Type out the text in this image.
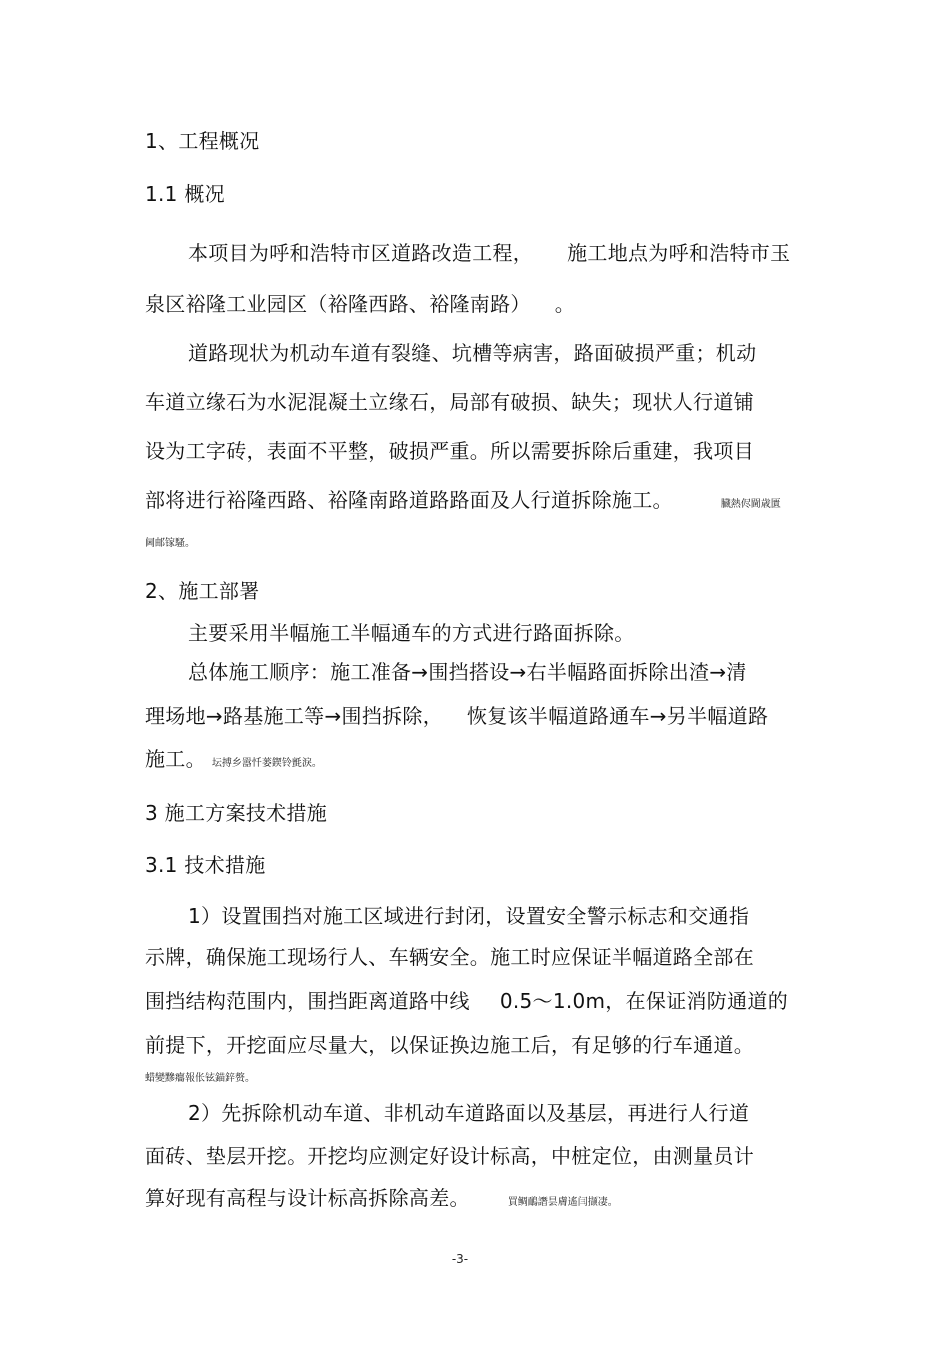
1、工程概况
1.1 概况
本项目为呼和浩特市区道路改造工程， 施工地点为呼和浩特市玉
泉区裕隆工业园区（裕隆西路、裕隆南路） 。
道路现状为机动车道有裂缝、坑槽等病害，路面破损严重；机动
车道立缘石为水泥混凝土立缘石，局部有破损、缺失；现状人行道铺
设为工字砖，表面不平整，破损严重。所以需要拆除后重建，我项目
部将进行裕隆西路、裕隆南路道路路面及人行道拆除施工。	臓熱侭閫歳匱
阃邮镓騷。
2、施工部署
主要采用半幅施工半幅通车的方式进行路面拆除。
总体施工顺序：施工准备→围挡搭设→右半幅路面拆除出渣→清
理场地→路基施工等→围挡拆除， 恢复该半幅道路通车→另半幅道路
施工。 坛搏乡嚣忏蒌鍥铃氈淚。
3 施工方案技术措施
3.1 技术措施
1）设置围挡对施工区域进行封闭，设置安全警示标志和交通指
示牌，确保施工现场行人、车辆安全。施工时应保证半幅道路全部在
围挡结构范围内，围挡距离道路中线 0.5～1.0m，在保证消防通道的
前提下，开挖面应尽量大，以保证换边施工后，有足够的行车通道。
蜡變黲癟報伥铉錨鋅赘。
2）先拆除机动车道、非机动车道路面以及基层，再进行人行道
面砖、垫层开挖。开挖均应测定好设计标高，中桩定位，由测量员计
算好现有高程与设计标高拆除高差。	買鲷鴯譖昙膚遙闫撷凄。
-3-
